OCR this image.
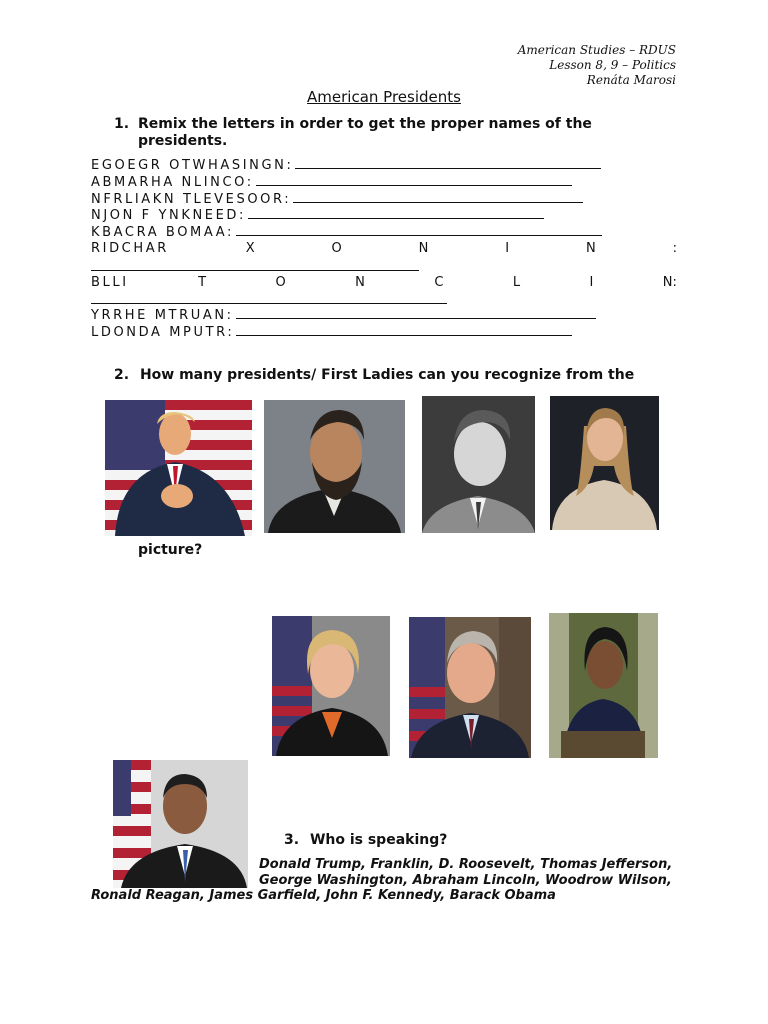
American Studies – RDUS
Lesson 8, 9 – Politics
Renáta Marosi
American Presidents
1. Remix the letters in order to get the proper names of the presidents.
EGOEGR OTWHASINGN:
ABMARHA NLINCO:
NFRLIAKN TLEVESOOR:
NJON F YNKNEED:
KBACRA BOMAA:
RIDCHAR	X	O	N	I	N	:
BLLI	T	O	N	C	L	I	N:
YRRHE MTRUAN:
LDONDA MPUTR:
2. How many presidents/ First Ladies can you recognize from the
picture?
3. Who is speaking?
Donald Trump, Franklin, D. Roosevelt, Thomas Jefferson,
George Washington, Abraham Lincoln, Woodrow Wilson,
Ronald Reagan, James Garfield, John F. Kennedy, Barack Obama
